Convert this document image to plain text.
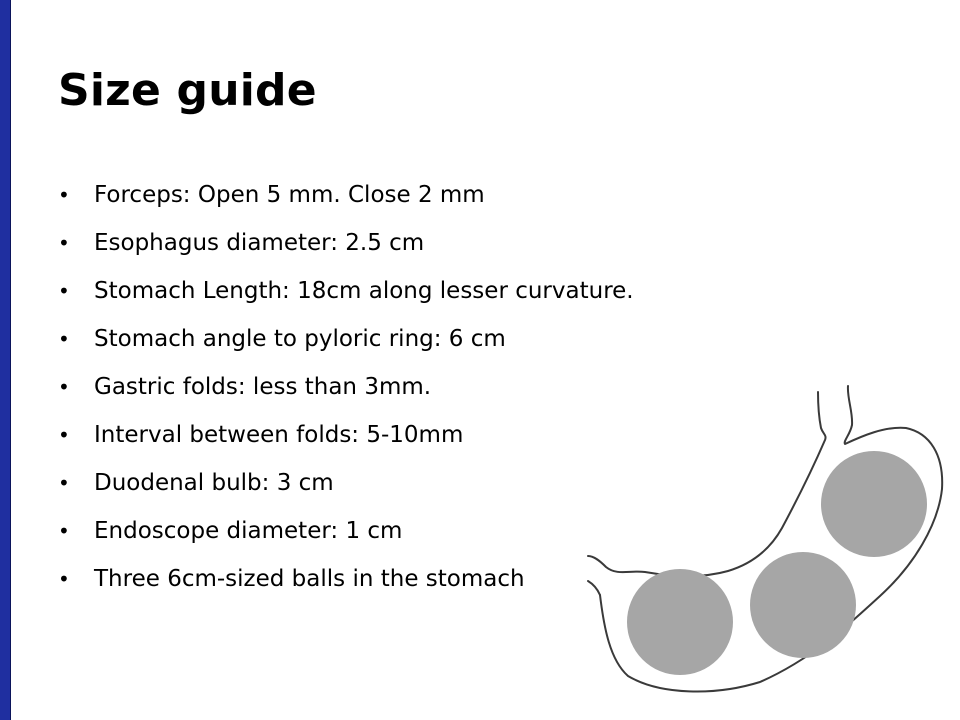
Size guide
• Forceps: Open 5 mm. Close 2 mm
• Esophagus diameter: 2.5 cm
• Stomach Length: 18cm along lesser curvature.
• Stomach angle to pyloric ring: 6 cm
• Gastric folds: less than 3mm.
• Interval between folds: 5-10mm
• Duodenal bulb: 3 cm
• Endoscope diameter: 1 cm
• Three 6cm-sized balls in the stomach
